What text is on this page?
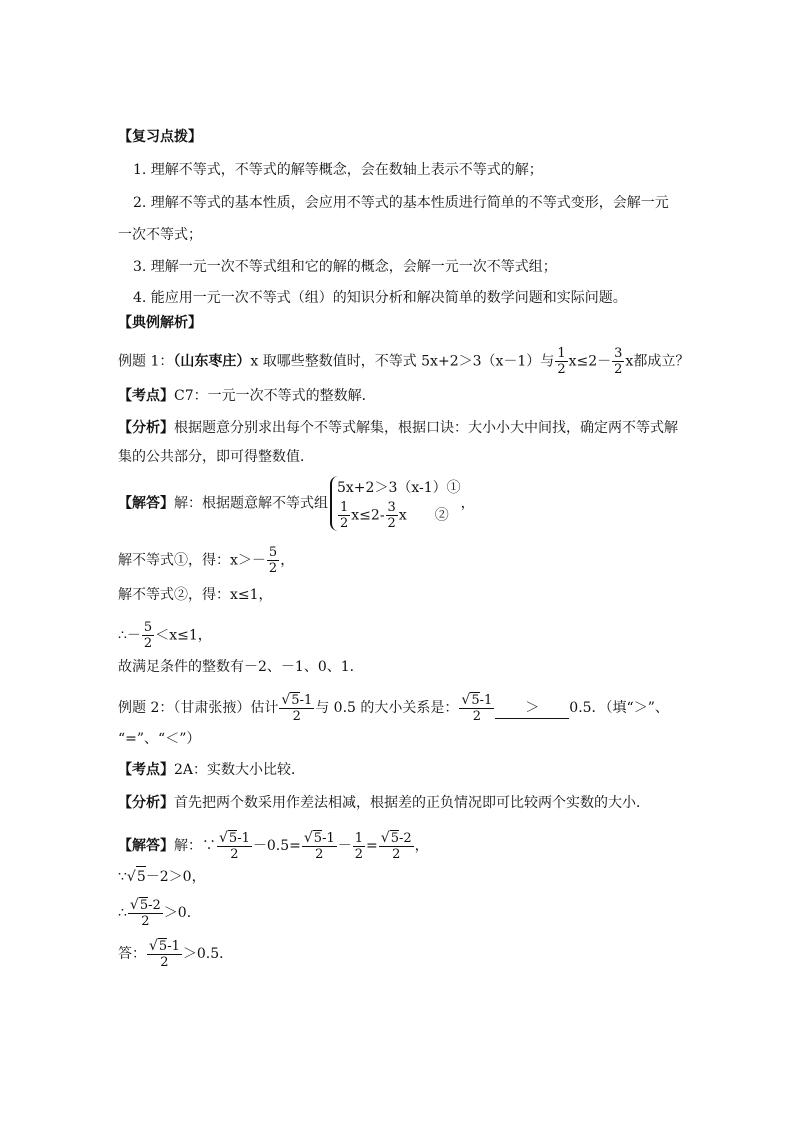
【复习点拨】
1. 理解不等式，不等式的解等概念，会在数轴上表示不等式的解；
2. 理解不等式的基本性质，会应用不等式的基本性质进行简单的不等式变形，会解一元
一次不等式；
3. 理解一元一次不等式组和它的解的概念，会解一元一次不等式组；
4. 能应用一元一次不等式（组）的知识分析和解决简单的数学问题和实际问题。
【典例解析】
例题 1：（山东枣庄）x 取哪些整数值时，不等式 5x+2＞3（x－1）与 $\frac{1}{2} x\le 2- \frac{3}{2}$ x都成立？
【考点】C7：一元一次不等式的整数解．
【分析】根据题意分别求出每个不等式解集，根据口诀：大小小大中间找，确定两不等式解
集的公共部分，即可得整数值．
【解答】解：根据题意解不等式组
5x+2＞3（x-1）①
$\frac{1}{2} x\le 2- \frac{3}{2}$ x　　②
，
解不等式①，得：$x>- \frac{5}{2}$ ，
解不等式②，得：x≤1，
∴－ $\frac{5}{2} <x\le 1$，
故满足条件的整数有－2、－1、0、1．
例题 2：（甘肃张掖）估计 $\frac{√5-1}{2}$ 与 0.5 的大小关系是： $\frac{√5-1}{2} > 0.5$．（填“＞”、
“=”、“＜”）
【考点】2A：实数大小比较．
【分析】首先把两个数采用作差法相减，根据差的正负情况即可比较两个实数的大小．
【解答】解：∵ $\frac{√5-1}{2} -0.5= \frac{√5-1}{2} - \frac{1}{2} = \frac{√5-2}{2}$ ，
∵√5－2＞0，
∴ $\frac{√5-2}{2} >0$．
答： $\frac{√5-1}{2} >0.5$．
